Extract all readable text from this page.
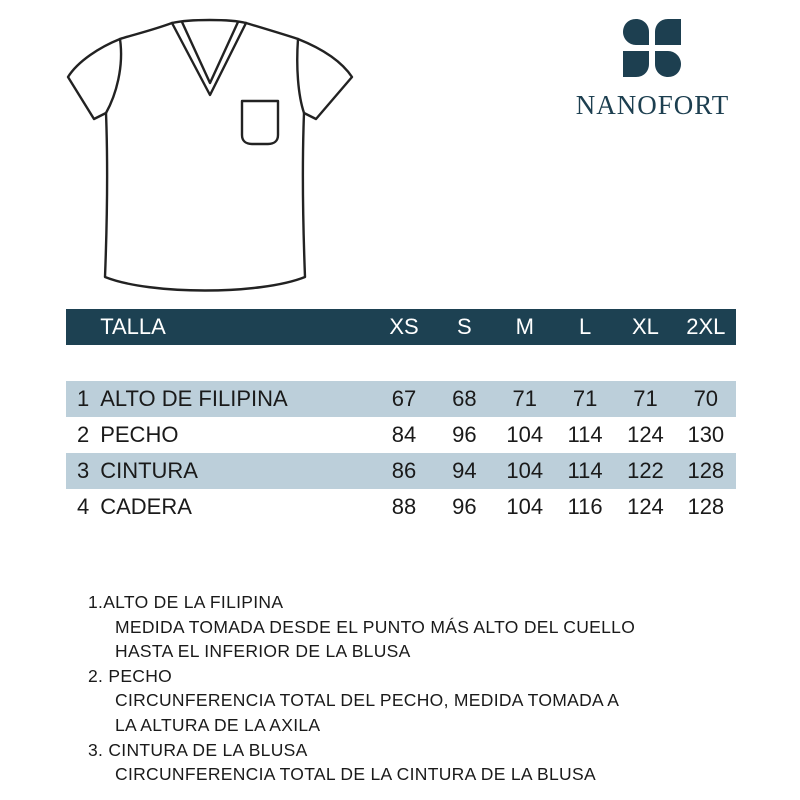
NANOFORT
	TALLA	XS	S	M	L	XL	2XL

1	ALTO DE FILIPINA	67	68	71	71	71	70
2	PECHO	84	96	104	114	124	130
3	CINTURA	86	94	104	114	122	128
4	CADERA	88	96	104	116	124	128
1.ALTO DE LA FILIPINA
MEDIDA TOMADA DESDE EL PUNTO MÁS ALTO DEL CUELLO
HASTA EL INFERIOR DE LA BLUSA
2. PECHO
CIRCUNFERENCIA TOTAL DEL PECHO, MEDIDA TOMADA A
LA ALTURA DE LA AXILA
3. CINTURA DE LA BLUSA
CIRCUNFERENCIA TOTAL DE LA CINTURA DE LA BLUSA
